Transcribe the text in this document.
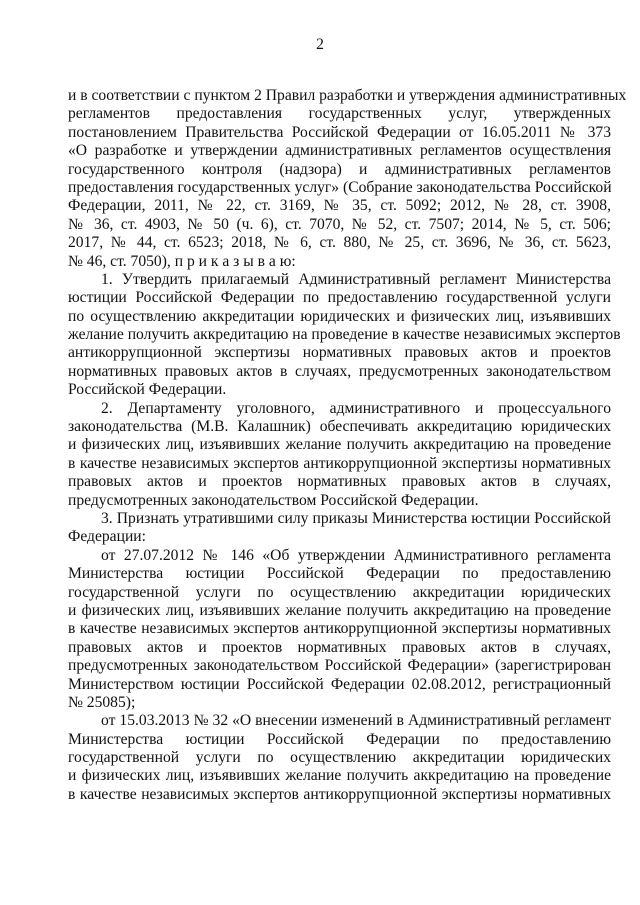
2
и в соответствии с пунктом 2 Правил разработки и утверждения административных
регламентов предоставления государственных услуг, утвержденных
постановлением Правительства Российской Федерации от 16.05.2011 № 373
«О разработке и утверждении административных регламентов осуществления
государственного контроля (надзора) и административных регламентов
предоставления государственных услуг» (Собрание законодательства Российской
Федерации, 2011, № 22, ст. 3169, № 35, ст. 5092; 2012, № 28, ст. 3908,
№ 36, ст. 4903, № 50 (ч. 6), ст. 7070, № 52, ст. 7507; 2014, № 5, ст. 506;
2017, № 44, ст. 6523; 2018, № 6, ст. 880, № 25, ст. 3696, № 36, ст. 5623,
№ 46, ст. 7050), п р и к а з ы в а ю:
1. Утвердить прилагаемый Административный регламент Министерства
юстиции Российской Федерации по предоставлению государственной услуги
по осуществлению аккредитации юридических и физических лиц, изъявивших
желание получить аккредитацию на проведение в качестве независимых экспертов
антикоррупционной экспертизы нормативных правовых актов и проектов
нормативных правовых актов в случаях, предусмотренных законодательством
Российской Федерации.
2. Департаменту уголовного, административного и процессуального
законодательства (М.В. Калашник) обеспечивать аккредитацию юридических
и физических лиц, изъявивших желание получить аккредитацию на проведение
в качестве независимых экспертов антикоррупционной экспертизы нормативных
правовых актов и проектов нормативных правовых актов в случаях,
предусмотренных законодательством Российской Федерации.
3. Признать утратившими силу приказы Министерства юстиции Российской
Федерации:
от 27.07.2012 № 146 «Об утверждении Административного регламента
Министерства юстиции Российской Федерации по предоставлению
государственной услуги по осуществлению аккредитации юридических
и физических лиц, изъявивших желание получить аккредитацию на проведение
в качестве независимых экспертов антикоррупционной экспертизы нормативных
правовых актов и проектов нормативных правовых актов в случаях,
предусмотренных законодательством Российской Федерации» (зарегистрирован
Министерством юстиции Российской Федерации 02.08.2012, регистрационный
№ 25085);
от 15.03.2013 № 32 «О внесении изменений в Административный регламент
Министерства юстиции Российской Федерации по предоставлению
государственной услуги по осуществлению аккредитации юридических
и физических лиц, изъявивших желание получить аккредитацию на проведение
в качестве независимых экспертов антикоррупционной экспертизы нормативных
